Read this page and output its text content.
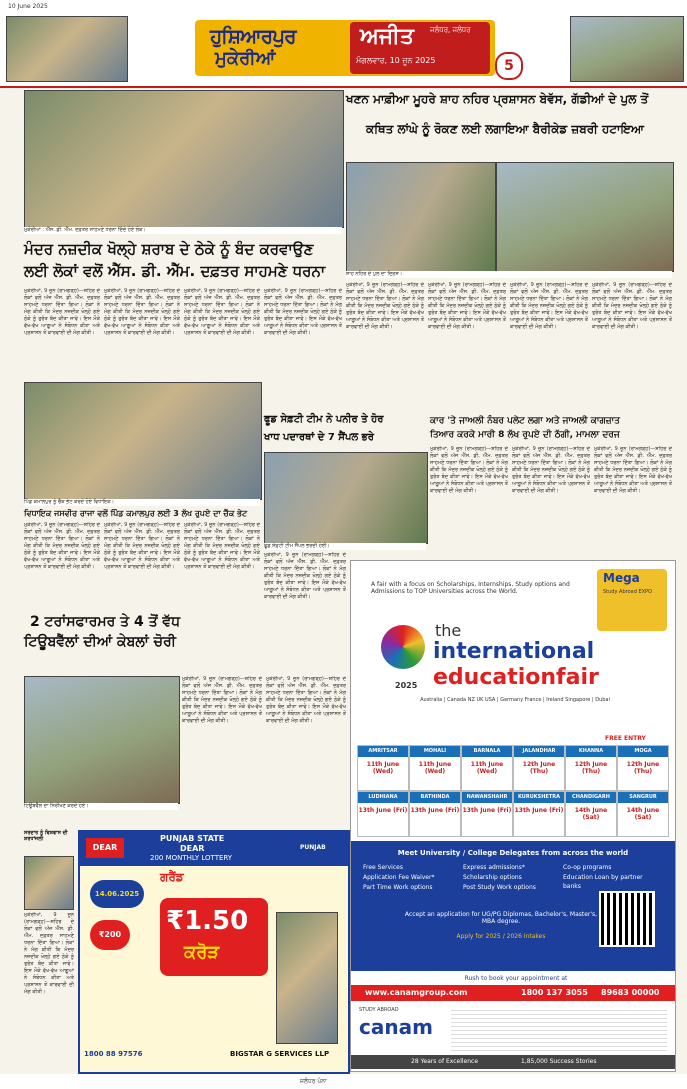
10 June 2025
ਹੁਸ਼ਿਆਰਪੁਰ
ਮੁਕੇਰੀਆਂ
ਅਜੀਤ ਜਲੰਧਰ, ਜਲੰਧਰ
ਮੰਗਲਵਾਰ, 10 ਜੂਨ 2025	5
ਮੁਕੇਰੀਆਂ : ਐੱਸ. ਡੀ. ਐੱਮ. ਦਫ਼ਤਰ ਸਾਹਮਣੇ ਧਰਨਾ ਦਿੰਦੇ ਹੋਏ ਲੋਕ।
ਮੰਦਰ ਨਜ਼ਦੀਕ ਖੋਲ੍ਹੇ ਸ਼ਰਾਬ ਦੇ ਠੇਕੇ ਨੂੰ ਬੰਦ ਕਰਵਾਉਣ
ਲਈ ਲੋਕਾਂ ਵਲੋਂ ਐੱਸ. ਡੀ. ਐੱਮ. ਦਫ਼ਤਰ ਸਾਹਮਣੇ ਧਰਨਾ
ਮੁਕੇਰੀਆਂ, 9 ਜੂਨ (ਰਾਮਗੜ੍ਹ)—ਸ਼ਹਿਰ ਦੇ ਲੋਕਾਂ ਵਲੋਂ ਅੱਜ ਐੱਸ. ਡੀ. ਐੱਮ. ਦਫ਼ਤਰ ਸਾਹਮਣੇ ਧਰਨਾ ਦਿੱਤਾ ਗਿਆ। ਲੋਕਾਂ ਨੇ ਮੰਗ ਕੀਤੀ ਕਿ ਮੰਦਰ ਨਜ਼ਦੀਕ ਖੋਲ੍ਹੇ ਗਏ ਠੇਕੇ ਨੂੰ ਤੁਰੰਤ ਬੰਦ ਕੀਤਾ ਜਾਵੇ। ਇਸ ਮੌਕੇ ਵੱਖ-ਵੱਖ ਆਗੂਆਂ ਨੇ ਸੰਬੋਧਨ ਕੀਤਾ ਅਤੇ ਪ੍ਰਸ਼ਾਸਨ ਤੋਂ ਕਾਰਵਾਈ ਦੀ ਮੰਗ ਕੀਤੀ।
ਮੁਕੇਰੀਆਂ, 9 ਜੂਨ (ਰਾਮਗੜ੍ਹ)—ਸ਼ਹਿਰ ਦੇ ਲੋਕਾਂ ਵਲੋਂ ਅੱਜ ਐੱਸ. ਡੀ. ਐੱਮ. ਦਫ਼ਤਰ ਸਾਹਮਣੇ ਧਰਨਾ ਦਿੱਤਾ ਗਿਆ। ਲੋਕਾਂ ਨੇ ਮੰਗ ਕੀਤੀ ਕਿ ਮੰਦਰ ਨਜ਼ਦੀਕ ਖੋਲ੍ਹੇ ਗਏ ਠੇਕੇ ਨੂੰ ਤੁਰੰਤ ਬੰਦ ਕੀਤਾ ਜਾਵੇ। ਇਸ ਮੌਕੇ ਵੱਖ-ਵੱਖ ਆਗੂਆਂ ਨੇ ਸੰਬੋਧਨ ਕੀਤਾ ਅਤੇ ਪ੍ਰਸ਼ਾਸਨ ਤੋਂ ਕਾਰਵਾਈ ਦੀ ਮੰਗ ਕੀਤੀ।
ਮੁਕੇਰੀਆਂ, 9 ਜੂਨ (ਰਾਮਗੜ੍ਹ)—ਸ਼ਹਿਰ ਦੇ ਲੋਕਾਂ ਵਲੋਂ ਅੱਜ ਐੱਸ. ਡੀ. ਐੱਮ. ਦਫ਼ਤਰ ਸਾਹਮਣੇ ਧਰਨਾ ਦਿੱਤਾ ਗਿਆ। ਲੋਕਾਂ ਨੇ ਮੰਗ ਕੀਤੀ ਕਿ ਮੰਦਰ ਨਜ਼ਦੀਕ ਖੋਲ੍ਹੇ ਗਏ ਠੇਕੇ ਨੂੰ ਤੁਰੰਤ ਬੰਦ ਕੀਤਾ ਜਾਵੇ। ਇਸ ਮੌਕੇ ਵੱਖ-ਵੱਖ ਆਗੂਆਂ ਨੇ ਸੰਬੋਧਨ ਕੀਤਾ ਅਤੇ ਪ੍ਰਸ਼ਾਸਨ ਤੋਂ ਕਾਰਵਾਈ ਦੀ ਮੰਗ ਕੀਤੀ।
ਮੁਕੇਰੀਆਂ, 9 ਜੂਨ (ਰਾਮਗੜ੍ਹ)—ਸ਼ਹਿਰ ਦੇ ਲੋਕਾਂ ਵਲੋਂ ਅੱਜ ਐੱਸ. ਡੀ. ਐੱਮ. ਦਫ਼ਤਰ ਸਾਹਮਣੇ ਧਰਨਾ ਦਿੱਤਾ ਗਿਆ। ਲੋਕਾਂ ਨੇ ਮੰਗ ਕੀਤੀ ਕਿ ਮੰਦਰ ਨਜ਼ਦੀਕ ਖੋਲ੍ਹੇ ਗਏ ਠੇਕੇ ਨੂੰ ਤੁਰੰਤ ਬੰਦ ਕੀਤਾ ਜਾਵੇ। ਇਸ ਮੌਕੇ ਵੱਖ-ਵੱਖ ਆਗੂਆਂ ਨੇ ਸੰਬੋਧਨ ਕੀਤਾ ਅਤੇ ਪ੍ਰਸ਼ਾਸਨ ਤੋਂ ਕਾਰਵਾਈ ਦੀ ਮੰਗ ਕੀਤੀ।
ਖਣਨ ਮਾਫ਼ੀਆ ਮੂਹਰੇ ਸ਼ਾਹ ਨਹਿਰ ਪ੍ਰਸ਼ਾਸਨ ਬੇਵੱਸ, ਗੱਡੀਆਂ ਦੇ ਪੁਲ ਤੋਂ
ਕਥਿਤ ਲਾਂਘੇ ਨੂੰ ਰੋਕਣ ਲਈ ਲਗਾਇਆ ਬੈਰੀਕੇਡ ਜ਼ਬਰੀ ਹਟਾਇਆ
ਸ਼ਾਹ ਨਹਿਰ ਦੇ ਪੁਲ ਦਾ ਦ੍ਰਿਸ਼।
ਮੁਕੇਰੀਆਂ, 9 ਜੂਨ (ਰਾਮਗੜ੍ਹ)—ਸ਼ਹਿਰ ਦੇ ਲੋਕਾਂ ਵਲੋਂ ਅੱਜ ਐੱਸ. ਡੀ. ਐੱਮ. ਦਫ਼ਤਰ ਸਾਹਮਣੇ ਧਰਨਾ ਦਿੱਤਾ ਗਿਆ। ਲੋਕਾਂ ਨੇ ਮੰਗ ਕੀਤੀ ਕਿ ਮੰਦਰ ਨਜ਼ਦੀਕ ਖੋਲ੍ਹੇ ਗਏ ਠੇਕੇ ਨੂੰ ਤੁਰੰਤ ਬੰਦ ਕੀਤਾ ਜਾਵੇ। ਇਸ ਮੌਕੇ ਵੱਖ-ਵੱਖ ਆਗੂਆਂ ਨੇ ਸੰਬੋਧਨ ਕੀਤਾ ਅਤੇ ਪ੍ਰਸ਼ਾਸਨ ਤੋਂ ਕਾਰਵਾਈ ਦੀ ਮੰਗ ਕੀਤੀ।
ਮੁਕੇਰੀਆਂ, 9 ਜੂਨ (ਰਾਮਗੜ੍ਹ)—ਸ਼ਹਿਰ ਦੇ ਲੋਕਾਂ ਵਲੋਂ ਅੱਜ ਐੱਸ. ਡੀ. ਐੱਮ. ਦਫ਼ਤਰ ਸਾਹਮਣੇ ਧਰਨਾ ਦਿੱਤਾ ਗਿਆ। ਲੋਕਾਂ ਨੇ ਮੰਗ ਕੀਤੀ ਕਿ ਮੰਦਰ ਨਜ਼ਦੀਕ ਖੋਲ੍ਹੇ ਗਏ ਠੇਕੇ ਨੂੰ ਤੁਰੰਤ ਬੰਦ ਕੀਤਾ ਜਾਵੇ। ਇਸ ਮੌਕੇ ਵੱਖ-ਵੱਖ ਆਗੂਆਂ ਨੇ ਸੰਬੋਧਨ ਕੀਤਾ ਅਤੇ ਪ੍ਰਸ਼ਾਸਨ ਤੋਂ ਕਾਰਵਾਈ ਦੀ ਮੰਗ ਕੀਤੀ।
ਮੁਕੇਰੀਆਂ, 9 ਜੂਨ (ਰਾਮਗੜ੍ਹ)—ਸ਼ਹਿਰ ਦੇ ਲੋਕਾਂ ਵਲੋਂ ਅੱਜ ਐੱਸ. ਡੀ. ਐੱਮ. ਦਫ਼ਤਰ ਸਾਹਮਣੇ ਧਰਨਾ ਦਿੱਤਾ ਗਿਆ। ਲੋਕਾਂ ਨੇ ਮੰਗ ਕੀਤੀ ਕਿ ਮੰਦਰ ਨਜ਼ਦੀਕ ਖੋਲ੍ਹੇ ਗਏ ਠੇਕੇ ਨੂੰ ਤੁਰੰਤ ਬੰਦ ਕੀਤਾ ਜਾਵੇ। ਇਸ ਮੌਕੇ ਵੱਖ-ਵੱਖ ਆਗੂਆਂ ਨੇ ਸੰਬੋਧਨ ਕੀਤਾ ਅਤੇ ਪ੍ਰਸ਼ਾਸਨ ਤੋਂ ਕਾਰਵਾਈ ਦੀ ਮੰਗ ਕੀਤੀ।
ਮੁਕੇਰੀਆਂ, 9 ਜੂਨ (ਰਾਮਗੜ੍ਹ)—ਸ਼ਹਿਰ ਦੇ ਲੋਕਾਂ ਵਲੋਂ ਅੱਜ ਐੱਸ. ਡੀ. ਐੱਮ. ਦਫ਼ਤਰ ਸਾਹਮਣੇ ਧਰਨਾ ਦਿੱਤਾ ਗਿਆ। ਲੋਕਾਂ ਨੇ ਮੰਗ ਕੀਤੀ ਕਿ ਮੰਦਰ ਨਜ਼ਦੀਕ ਖੋਲ੍ਹੇ ਗਏ ਠੇਕੇ ਨੂੰ ਤੁਰੰਤ ਬੰਦ ਕੀਤਾ ਜਾਵੇ। ਇਸ ਮੌਕੇ ਵੱਖ-ਵੱਖ ਆਗੂਆਂ ਨੇ ਸੰਬੋਧਨ ਕੀਤਾ ਅਤੇ ਪ੍ਰਸ਼ਾਸਨ ਤੋਂ ਕਾਰਵਾਈ ਦੀ ਮੰਗ ਕੀਤੀ।
ਫੂਡ ਸੇਫ਼ਟੀ ਟੀਮ ਨੇ ਪਨੀਰ ਤੇ ਹੋਰ
ਖਾਧ ਪਦਾਰਥਾਂ ਦੇ 7 ਸੈਂਪਲ ਭਰੇ
ਫੂਡ ਸੇਫ਼ਟੀ ਟੀਮ ਸੈਂਪਲ ਭਰਦੀ ਹੋਈ।
ਪਿੰਡ ਕਮਾਲਪੁਰ ਨੂੰ ਚੈੱਕ ਭੇਟ ਕਰਦੇ ਹੋਏ ਵਿਧਾਇਕ।
ਵਿਧਾਇਕ ਜਸਵੀਰ ਰਾਜਾ ਵਲੋਂ ਪਿੰਡ ਕਮਾਲਪੁਰ ਲਈ 3 ਲੱਖ ਰੁਪਏ ਦਾ ਚੈੱਕ ਭੇਟ
ਮੁਕੇਰੀਆਂ, 9 ਜੂਨ (ਰਾਮਗੜ੍ਹ)—ਸ਼ਹਿਰ ਦੇ ਲੋਕਾਂ ਵਲੋਂ ਅੱਜ ਐੱਸ. ਡੀ. ਐੱਮ. ਦਫ਼ਤਰ ਸਾਹਮਣੇ ਧਰਨਾ ਦਿੱਤਾ ਗਿਆ। ਲੋਕਾਂ ਨੇ ਮੰਗ ਕੀਤੀ ਕਿ ਮੰਦਰ ਨਜ਼ਦੀਕ ਖੋਲ੍ਹੇ ਗਏ ਠੇਕੇ ਨੂੰ ਤੁਰੰਤ ਬੰਦ ਕੀਤਾ ਜਾਵੇ। ਇਸ ਮੌਕੇ ਵੱਖ-ਵੱਖ ਆਗੂਆਂ ਨੇ ਸੰਬੋਧਨ ਕੀਤਾ ਅਤੇ ਪ੍ਰਸ਼ਾਸਨ ਤੋਂ ਕਾਰਵਾਈ ਦੀ ਮੰਗ ਕੀਤੀ।
ਮੁਕੇਰੀਆਂ, 9 ਜੂਨ (ਰਾਮਗੜ੍ਹ)—ਸ਼ਹਿਰ ਦੇ ਲੋਕਾਂ ਵਲੋਂ ਅੱਜ ਐੱਸ. ਡੀ. ਐੱਮ. ਦਫ਼ਤਰ ਸਾਹਮਣੇ ਧਰਨਾ ਦਿੱਤਾ ਗਿਆ। ਲੋਕਾਂ ਨੇ ਮੰਗ ਕੀਤੀ ਕਿ ਮੰਦਰ ਨਜ਼ਦੀਕ ਖੋਲ੍ਹੇ ਗਏ ਠੇਕੇ ਨੂੰ ਤੁਰੰਤ ਬੰਦ ਕੀਤਾ ਜਾਵੇ। ਇਸ ਮੌਕੇ ਵੱਖ-ਵੱਖ ਆਗੂਆਂ ਨੇ ਸੰਬੋਧਨ ਕੀਤਾ ਅਤੇ ਪ੍ਰਸ਼ਾਸਨ ਤੋਂ ਕਾਰਵਾਈ ਦੀ ਮੰਗ ਕੀਤੀ।
ਮੁਕੇਰੀਆਂ, 9 ਜੂਨ (ਰਾਮਗੜ੍ਹ)—ਸ਼ਹਿਰ ਦੇ ਲੋਕਾਂ ਵਲੋਂ ਅੱਜ ਐੱਸ. ਡੀ. ਐੱਮ. ਦਫ਼ਤਰ ਸਾਹਮਣੇ ਧਰਨਾ ਦਿੱਤਾ ਗਿਆ। ਲੋਕਾਂ ਨੇ ਮੰਗ ਕੀਤੀ ਕਿ ਮੰਦਰ ਨਜ਼ਦੀਕ ਖੋਲ੍ਹੇ ਗਏ ਠੇਕੇ ਨੂੰ ਤੁਰੰਤ ਬੰਦ ਕੀਤਾ ਜਾਵੇ। ਇਸ ਮੌਕੇ ਵੱਖ-ਵੱਖ ਆਗੂਆਂ ਨੇ ਸੰਬੋਧਨ ਕੀਤਾ ਅਤੇ ਪ੍ਰਸ਼ਾਸਨ ਤੋਂ ਕਾਰਵਾਈ ਦੀ ਮੰਗ ਕੀਤੀ।
ਕਾਰ 'ਤੇ ਜਾਅਲੀ ਨੰਬਰ ਪਲੇਟ ਲਗਾ ਅਤੇ ਜਾਅਲੀ ਕਾਗਜ਼ਾਤ
ਤਿਆਰ ਕਰਕੇ ਮਾਰੀ 8 ਲੱਖ ਰੁਪਏ ਦੀ ਠੱਗੀ, ਮਾਮਲਾ ਦਰਜ
ਮੁਕੇਰੀਆਂ, 9 ਜੂਨ (ਰਾਮਗੜ੍ਹ)—ਸ਼ਹਿਰ ਦੇ ਲੋਕਾਂ ਵਲੋਂ ਅੱਜ ਐੱਸ. ਡੀ. ਐੱਮ. ਦਫ਼ਤਰ ਸਾਹਮਣੇ ਧਰਨਾ ਦਿੱਤਾ ਗਿਆ। ਲੋਕਾਂ ਨੇ ਮੰਗ ਕੀਤੀ ਕਿ ਮੰਦਰ ਨਜ਼ਦੀਕ ਖੋਲ੍ਹੇ ਗਏ ਠੇਕੇ ਨੂੰ ਤੁਰੰਤ ਬੰਦ ਕੀਤਾ ਜਾਵੇ। ਇਸ ਮੌਕੇ ਵੱਖ-ਵੱਖ ਆਗੂਆਂ ਨੇ ਸੰਬੋਧਨ ਕੀਤਾ ਅਤੇ ਪ੍ਰਸ਼ਾਸਨ ਤੋਂ ਕਾਰਵਾਈ ਦੀ ਮੰਗ ਕੀਤੀ।
ਮੁਕੇਰੀਆਂ, 9 ਜੂਨ (ਰਾਮਗੜ੍ਹ)—ਸ਼ਹਿਰ ਦੇ ਲੋਕਾਂ ਵਲੋਂ ਅੱਜ ਐੱਸ. ਡੀ. ਐੱਮ. ਦਫ਼ਤਰ ਸਾਹਮਣੇ ਧਰਨਾ ਦਿੱਤਾ ਗਿਆ। ਲੋਕਾਂ ਨੇ ਮੰਗ ਕੀਤੀ ਕਿ ਮੰਦਰ ਨਜ਼ਦੀਕ ਖੋਲ੍ਹੇ ਗਏ ਠੇਕੇ ਨੂੰ ਤੁਰੰਤ ਬੰਦ ਕੀਤਾ ਜਾਵੇ। ਇਸ ਮੌਕੇ ਵੱਖ-ਵੱਖ ਆਗੂਆਂ ਨੇ ਸੰਬੋਧਨ ਕੀਤਾ ਅਤੇ ਪ੍ਰਸ਼ਾਸਨ ਤੋਂ ਕਾਰਵਾਈ ਦੀ ਮੰਗ ਕੀਤੀ।
ਮੁਕੇਰੀਆਂ, 9 ਜੂਨ (ਰਾਮਗੜ੍ਹ)—ਸ਼ਹਿਰ ਦੇ ਲੋਕਾਂ ਵਲੋਂ ਅੱਜ ਐੱਸ. ਡੀ. ਐੱਮ. ਦਫ਼ਤਰ ਸਾਹਮਣੇ ਧਰਨਾ ਦਿੱਤਾ ਗਿਆ। ਲੋਕਾਂ ਨੇ ਮੰਗ ਕੀਤੀ ਕਿ ਮੰਦਰ ਨਜ਼ਦੀਕ ਖੋਲ੍ਹੇ ਗਏ ਠੇਕੇ ਨੂੰ ਤੁਰੰਤ ਬੰਦ ਕੀਤਾ ਜਾਵੇ। ਇਸ ਮੌਕੇ ਵੱਖ-ਵੱਖ ਆਗੂਆਂ ਨੇ ਸੰਬੋਧਨ ਕੀਤਾ ਅਤੇ ਪ੍ਰਸ਼ਾਸਨ ਤੋਂ ਕਾਰਵਾਈ ਦੀ ਮੰਗ ਕੀਤੀ।
2 ਟਰਾਂਸਫਾਰਮਰ ਤੇ 4 ਤੋਂ ਵੱਧ
ਟਿਊਬਵੈੱਲਾਂ ਦੀਆਂ ਕੇਬਲਾਂ ਚੋਰੀ
ਟਿਊਬਵੈੱਲ ਦਾ ਨਿਰੀਖਣ ਕਰਦੇ ਹੋਏ।
ਮੁਕੇਰੀਆਂ, 9 ਜੂਨ (ਰਾਮਗੜ੍ਹ)—ਸ਼ਹਿਰ ਦੇ ਲੋਕਾਂ ਵਲੋਂ ਅੱਜ ਐੱਸ. ਡੀ. ਐੱਮ. ਦਫ਼ਤਰ ਸਾਹਮਣੇ ਧਰਨਾ ਦਿੱਤਾ ਗਿਆ। ਲੋਕਾਂ ਨੇ ਮੰਗ ਕੀਤੀ ਕਿ ਮੰਦਰ ਨਜ਼ਦੀਕ ਖੋਲ੍ਹੇ ਗਏ ਠੇਕੇ ਨੂੰ ਤੁਰੰਤ ਬੰਦ ਕੀਤਾ ਜਾਵੇ। ਇਸ ਮੌਕੇ ਵੱਖ-ਵੱਖ ਆਗੂਆਂ ਨੇ ਸੰਬੋਧਨ ਕੀਤਾ ਅਤੇ ਪ੍ਰਸ਼ਾਸਨ ਤੋਂ ਕਾਰਵਾਈ ਦੀ ਮੰਗ ਕੀਤੀ।
ਮੁਕੇਰੀਆਂ, 9 ਜੂਨ (ਰਾਮਗੜ੍ਹ)—ਸ਼ਹਿਰ ਦੇ ਲੋਕਾਂ ਵਲੋਂ ਅੱਜ ਐੱਸ. ਡੀ. ਐੱਮ. ਦਫ਼ਤਰ ਸਾਹਮਣੇ ਧਰਨਾ ਦਿੱਤਾ ਗਿਆ। ਲੋਕਾਂ ਨੇ ਮੰਗ ਕੀਤੀ ਕਿ ਮੰਦਰ ਨਜ਼ਦੀਕ ਖੋਲ੍ਹੇ ਗਏ ਠੇਕੇ ਨੂੰ ਤੁਰੰਤ ਬੰਦ ਕੀਤਾ ਜਾਵੇ। ਇਸ ਮੌਕੇ ਵੱਖ-ਵੱਖ ਆਗੂਆਂ ਨੇ ਸੰਬੋਧਨ ਕੀਤਾ ਅਤੇ ਪ੍ਰਸ਼ਾਸਨ ਤੋਂ ਕਾਰਵਾਈ ਦੀ ਮੰਗ ਕੀਤੀ।
ਮੁਕੇਰੀਆਂ, 9 ਜੂਨ (ਰਾਮਗੜ੍ਹ)—ਸ਼ਹਿਰ ਦੇ ਲੋਕਾਂ ਵਲੋਂ ਅੱਜ ਐੱਸ. ਡੀ. ਐੱਮ. ਦਫ਼ਤਰ ਸਾਹਮਣੇ ਧਰਨਾ ਦਿੱਤਾ ਗਿਆ। ਲੋਕਾਂ ਨੇ ਮੰਗ ਕੀਤੀ ਕਿ ਮੰਦਰ ਨਜ਼ਦੀਕ ਖੋਲ੍ਹੇ ਗਏ ਠੇਕੇ ਨੂੰ ਤੁਰੰਤ ਬੰਦ ਕੀਤਾ ਜਾਵੇ। ਇਸ ਮੌਕੇ ਵੱਖ-ਵੱਖ ਆਗੂਆਂ ਨੇ ਸੰਬੋਧਨ ਕੀਤਾ ਅਤੇ ਪ੍ਰਸ਼ਾਸਨ ਤੋਂ ਕਾਰਵਾਈ ਦੀ ਮੰਗ ਕੀਤੀ।
ਸਰਦਾਰ ਨੂੰ ਵਿਸ਼ਵਾਸ ਦੀ ਸ਼ਰਧਾਂਜਲੀ
ਮੁਕੇਰੀਆਂ, 9 ਜੂਨ (ਰਾਮਗੜ੍ਹ)—ਸ਼ਹਿਰ ਦੇ ਲੋਕਾਂ ਵਲੋਂ ਅੱਜ ਐੱਸ. ਡੀ. ਐੱਮ. ਦਫ਼ਤਰ ਸਾਹਮਣੇ ਧਰਨਾ ਦਿੱਤਾ ਗਿਆ। ਲੋਕਾਂ ਨੇ ਮੰਗ ਕੀਤੀ ਕਿ ਮੰਦਰ ਨਜ਼ਦੀਕ ਖੋਲ੍ਹੇ ਗਏ ਠੇਕੇ ਨੂੰ ਤੁਰੰਤ ਬੰਦ ਕੀਤਾ ਜਾਵੇ। ਇਸ ਮੌਕੇ ਵੱਖ-ਵੱਖ ਆਗੂਆਂ ਨੇ ਸੰਬੋਧਨ ਕੀਤਾ ਅਤੇ ਪ੍ਰਸ਼ਾਸਨ ਤੋਂ ਕਾਰਵਾਈ ਦੀ ਮੰਗ ਕੀਤੀ।
DEAR
PUNJAB STATE
DEAR
200 MONTHLY LOTTERY
PUNJAB
14.06.2025
₹200
ਗਰੈਂਡ
₹1.50
ਕਰੋੜ
1800 88 97576	BIGSTAR G SERVICES LLP
A fair with a focus on Scholarships, Internships, Study options and Admissions to TOP Universities across the World.
Mega
Study Abroad EXPO
the
international
educationfair
2025
Australia | Canada NZ UK USA | Germany France | Ireland Singapore | Dubai
FREE ENTRY
AMRITSAR
11th June (Wed)
MOHALI
11th June (Wed)
BARNALA
11th June (Wed)
JALANDHAR
12th June (Thu)
KHANNA
12th June (Thu)
MOGA
12th June (Thu)
LUDHIANA
13th June (Fri)
BATHINDA
13th June (Fri)
NAWANSHAHR
13th June (Fri)
KURUKSHETRA
13th June (Fri)
CHANDIGARH
14th June (Sat)
SANGRUR
14th June (Sat)
Meet University / College Delegates from across the world
Free Services
Application Fee Waiver*
Part Time Work options
Express admissions*
Scholarship options
Post Study Work options
Co-op programs
Education Loan by partner banks
Accept an application for UG/PG Diplomas, Bachelor's, Master's, MBA degree.
Apply for 2025 / 2026 Intakes
Rush to book your appointment at
www.canamgroup.com	1800 137 3055 89683 00000
STUDY ABROAD
canam
28 Years of Excellence	1,85,000 Success Stories
ਜਲੰਧਰ ਪੰਨਾ
